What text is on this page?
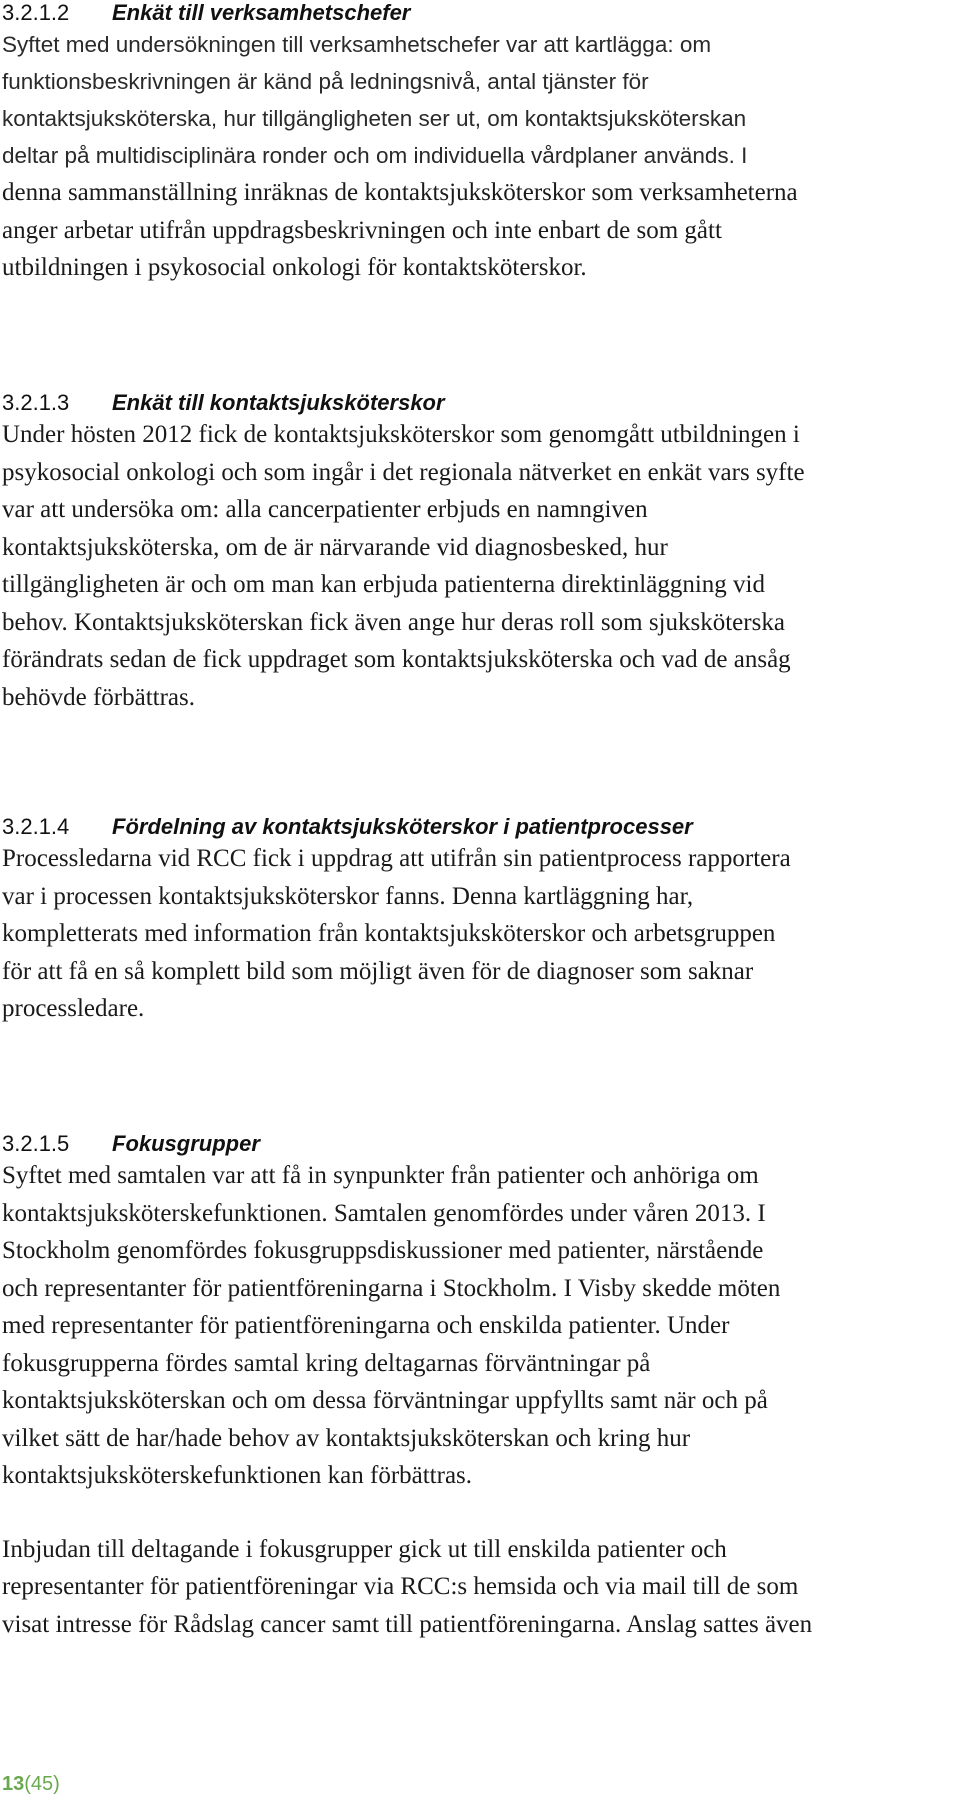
3.2.1.2 Enkät till verksamhetschefer
Syftet med undersökningen till verksamhetschefer var att kartlägga: om
funktionsbeskrivningen är känd på ledningsnivå, antal tjänster för
kontaktsjuksköterska, hur tillgängligheten ser ut, om kontaktsjuksköterskan
deltar på multidisciplinära ronder och om individuella vårdplaner används. I
denna sammanställning inräknas de kontaktsjuksköterskor som verksamheterna
anger arbetar utifrån uppdragsbeskrivningen och inte enbart de som gått
utbildningen i psykosocial onkologi för kontaktsköterskor.
3.2.1.3 Enkät till kontaktsjuksköterskor
Under hösten 2012 fick de kontaktsjuksköterskor som genomgått utbildningen i
psykosocial onkologi och som ingår i det regionala nätverket en enkät vars syfte
var att undersöka om: alla cancerpatienter erbjuds en namngiven
kontaktsjuksköterska, om de är närvarande vid diagnosbesked, hur
tillgängligheten är och om man kan erbjuda patienterna direktinläggning vid
behov. Kontaktsjuksköterskan fick även ange hur deras roll som sjuksköterska
förändrats sedan de fick uppdraget som kontaktsjuksköterska och vad de ansåg
behövde förbättras.
3.2.1.4 Fördelning av kontaktsjuksköterskor i patientprocesser
Processledarna vid RCC fick i uppdrag att utifrån sin patientprocess rapportera
var i processen kontaktsjuksköterskor fanns. Denna kartläggning har,
kompletterats med information från kontaktsjuksköterskor och arbetsgruppen
för att få en så komplett bild som möjligt även för de diagnoser som saknar
processledare.
3.2.1.5 Fokusgrupper
Syftet med samtalen var att få in synpunkter från patienter och anhöriga om
kontaktsjuksköterskefunktionen. Samtalen genomfördes under våren 2013. I
Stockholm genomfördes fokusgruppsdiskussioner med patienter, närstående
och representanter för patientföreningarna i Stockholm. I Visby skedde möten
med representanter för patientföreningarna och enskilda patienter. Under
fokusgrupperna fördes samtal kring deltagarnas förväntningar på
kontaktsjuksköterskan och om dessa förväntningar uppfyllts samt när och på
vilket sätt de har/hade behov av kontaktsjuksköterskan och kring hur
kontaktsjuksköterskefunktionen kan förbättras.
Inbjudan till deltagande i fokusgrupper gick ut till enskilda patienter och
representanter för patientföreningar via RCC:s hemsida och via mail till de som
visat intresse för Rådslag cancer samt till patientföreningarna. Anslag sattes även
13(45)
